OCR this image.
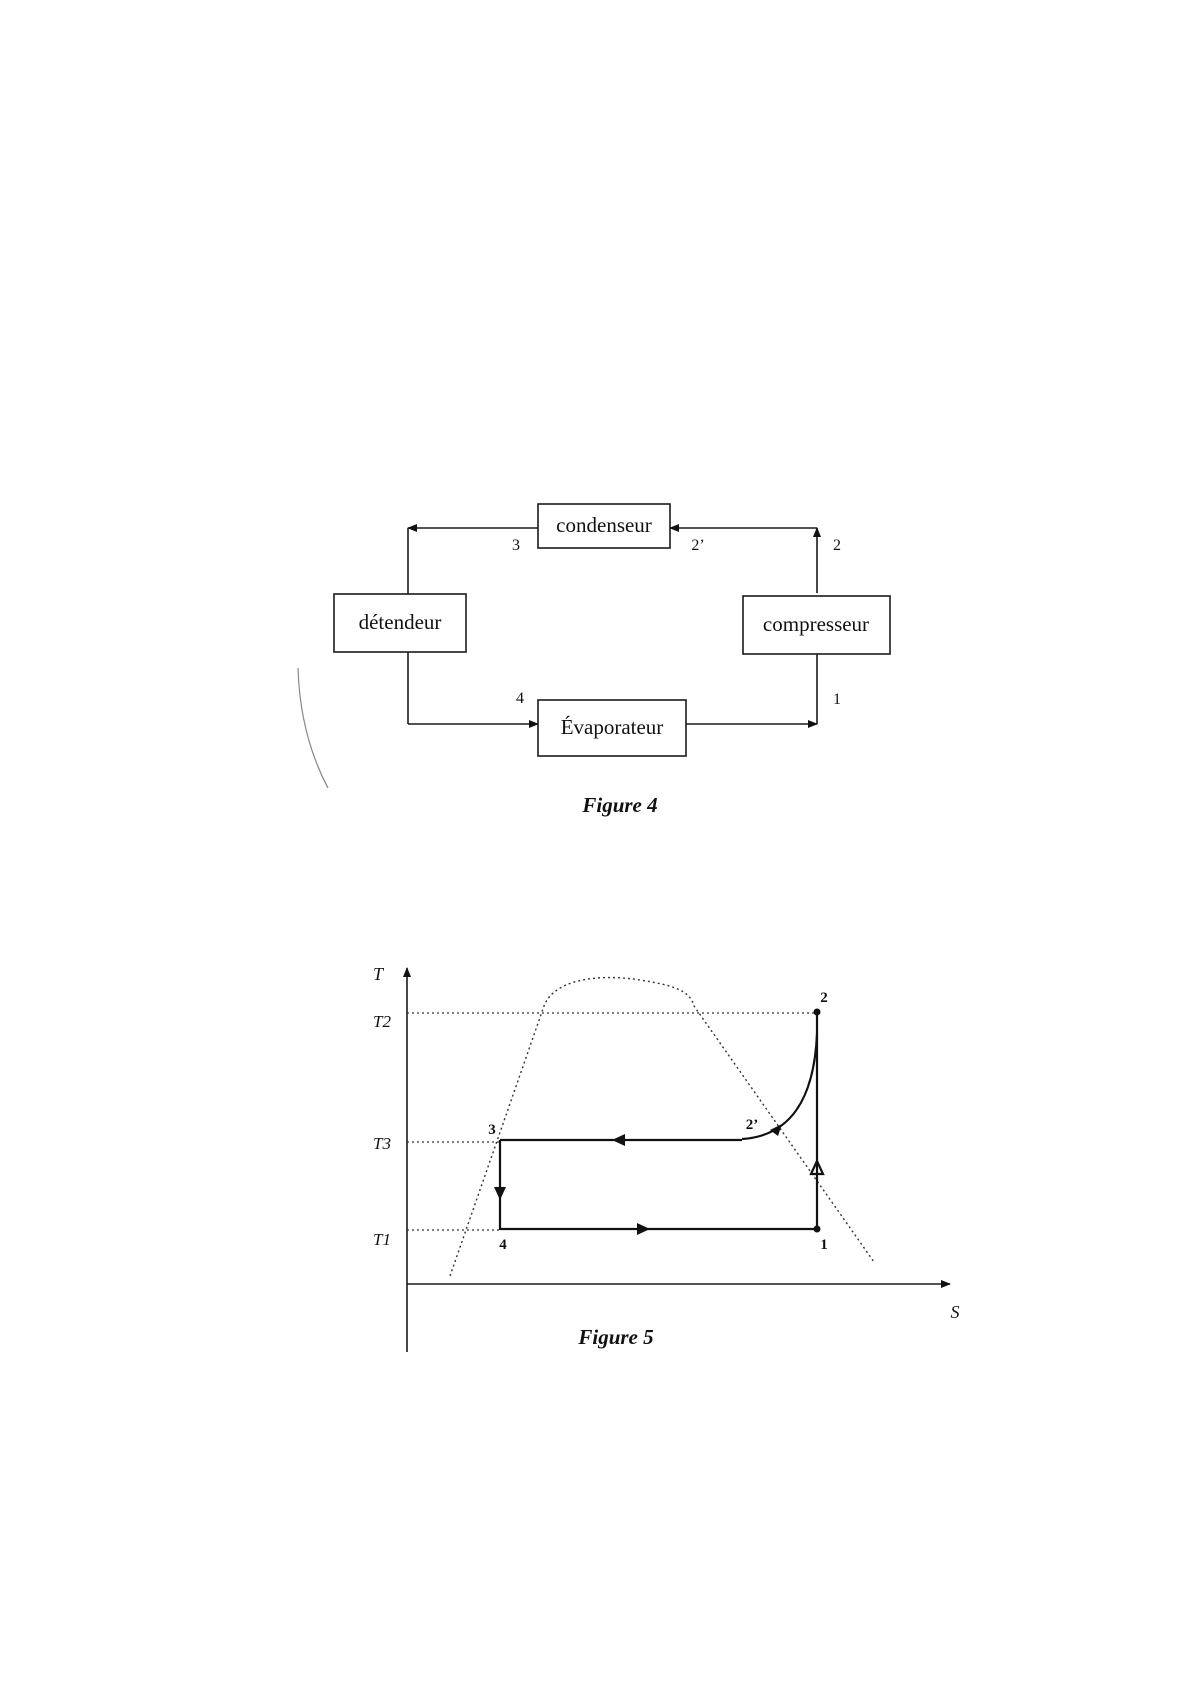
condenseur
détendeur	compresseur
Évaporateur
3	2’	2
4	1
Figure 4
T
S
T2
T3
T1
2
2’
3
4	1
Figure 5
